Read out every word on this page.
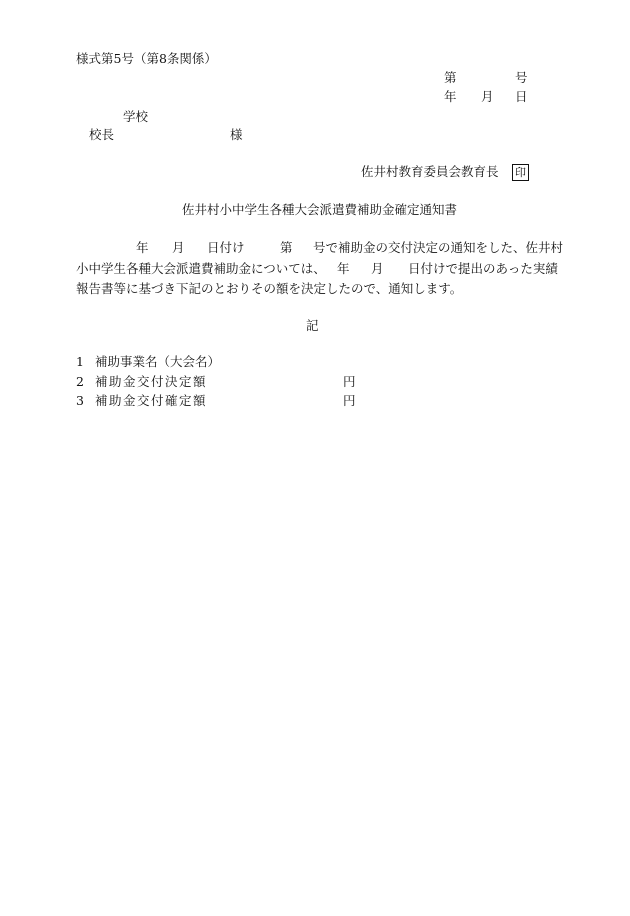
様式第5号（第8条関係）
第	号
年 月 日
学校
校長	様
佐井村教育委員会教育長 印
佐井村小中学生各種大会派遣費補助金確定通知書
年 月 日付け	第 号で補助金の交付決定の通知をした、佐井村
小中学生各種大会派遣費補助金については、 年 月 日付けで提出のあった実績
報告書等に基づき下記のとおりその額を決定したので、通知します。
記
1 補助事業名（大会名）
2 補助金交付決定額	円
3 補助金交付確定額	円
